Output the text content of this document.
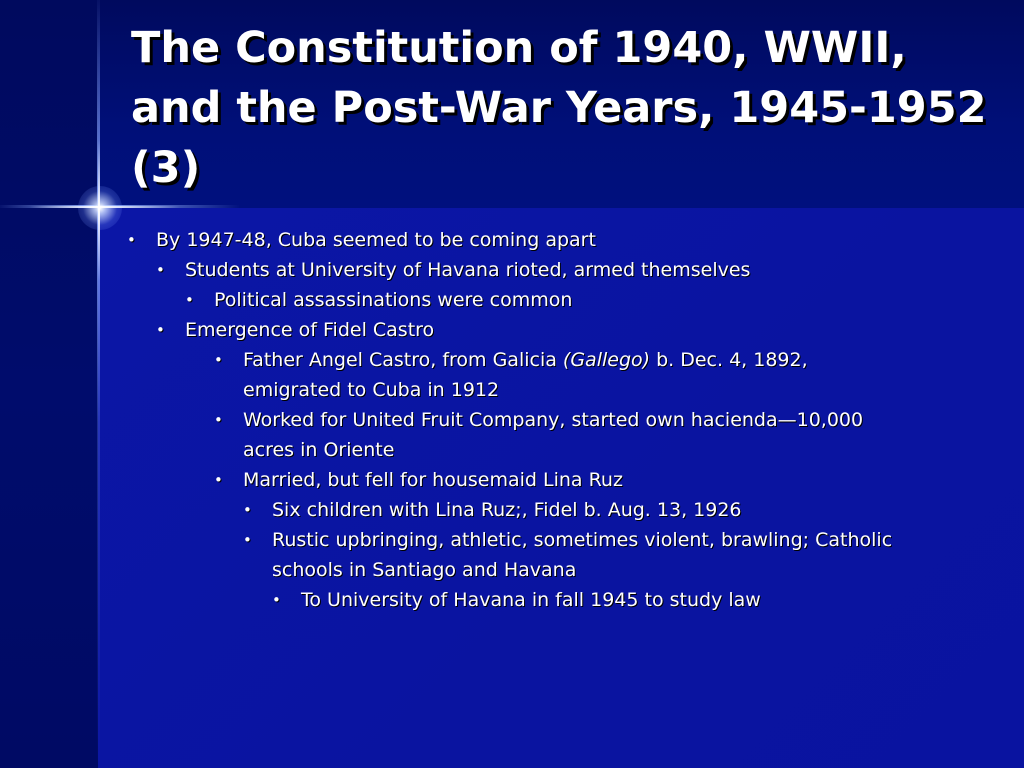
The Constitution of 1940, WWII, and the Post-War Years, 1945-1952 (3)
• By 1947-48, Cuba seemed to be coming apart
• Students at University of Havana rioted, armed themselves
• Political assassinations were common
• Emergence of Fidel Castro
• Father Angel Castro, from Galicia (Gallego) b. Dec. 4, 1892,
emigrated to Cuba in 1912
• Worked for United Fruit Company, started own hacienda—10,000
acres in Oriente
• Married, but fell for housemaid Lina Ruz
• Six children with Lina Ruz;, Fidel b. Aug. 13, 1926
• Rustic upbringing, athletic, sometimes violent, brawling; Catholic
schools in Santiago and Havana
• To University of Havana in fall 1945 to study law
